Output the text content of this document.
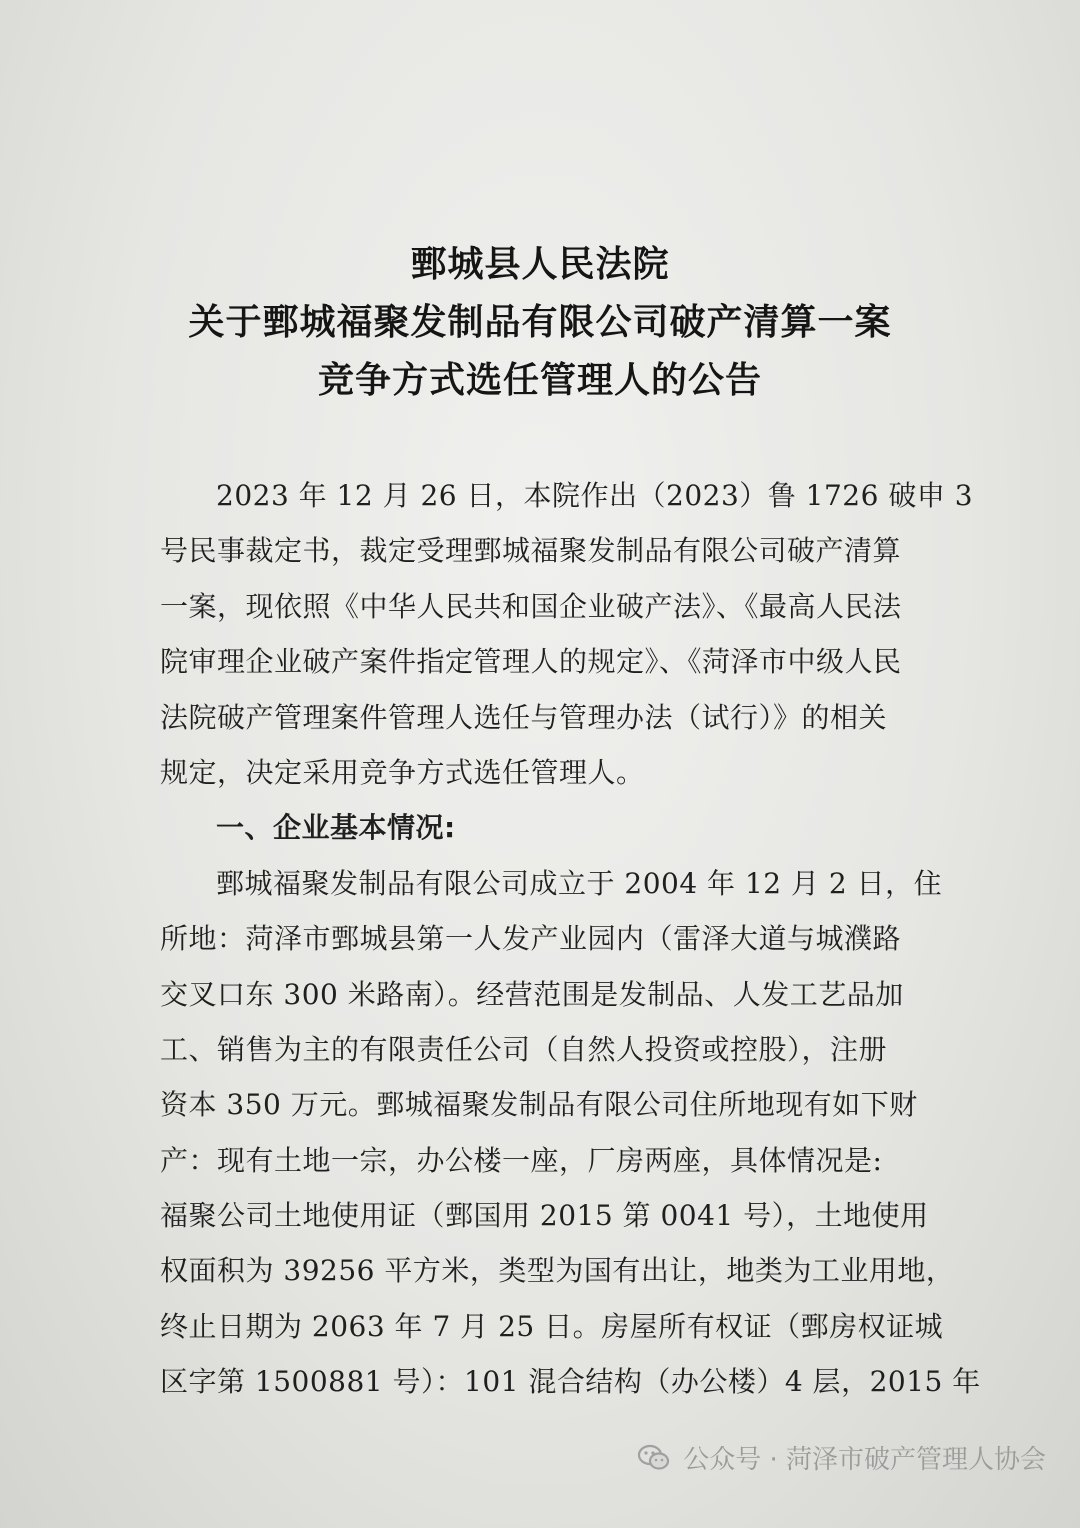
鄄城县人民法院
关于鄄城福聚发制品有限公司破产清算一案
竞争方式选任管理人的公告
2023 年 12 月 26 日，本院作出（2023）鲁 1726 破申 3
号民事裁定书，裁定受理鄄城福聚发制品有限公司破产清算
一案，现依照《中华人民共和国企业破产法》、《最高人民法
院审理企业破产案件指定管理人的规定》、《菏泽市中级人民
法院破产管理案件管理人选任与管理办法（试行）》的相关
规定，决定采用竞争方式选任管理人。
一、企业基本情况:
鄄城福聚发制品有限公司成立于 2004 年 12 月 2 日，住
所地：菏泽市鄄城县第一人发产业园内（雷泽大道与城濮路
交叉口东 300 米路南）。经营范围是发制品、人发工艺品加
工、销售为主的有限责任公司（自然人投资或控股），注册
资本 350 万元。鄄城福聚发制品有限公司住所地现有如下财
产：现有土地一宗，办公楼一座，厂房两座，具体情况是:
福聚公司土地使用证（鄄国用 2015 第 0041 号），土地使用
权面积为 39256 平方米，类型为国有出让，地类为工业用地，
终止日期为 2063 年 7 月 25 日。房屋所有权证（鄄房权证城
区字第 1500881 号）：101 混合结构（办公楼）4 层，2015 年
公众号 · 菏泽市破产管理人协会
